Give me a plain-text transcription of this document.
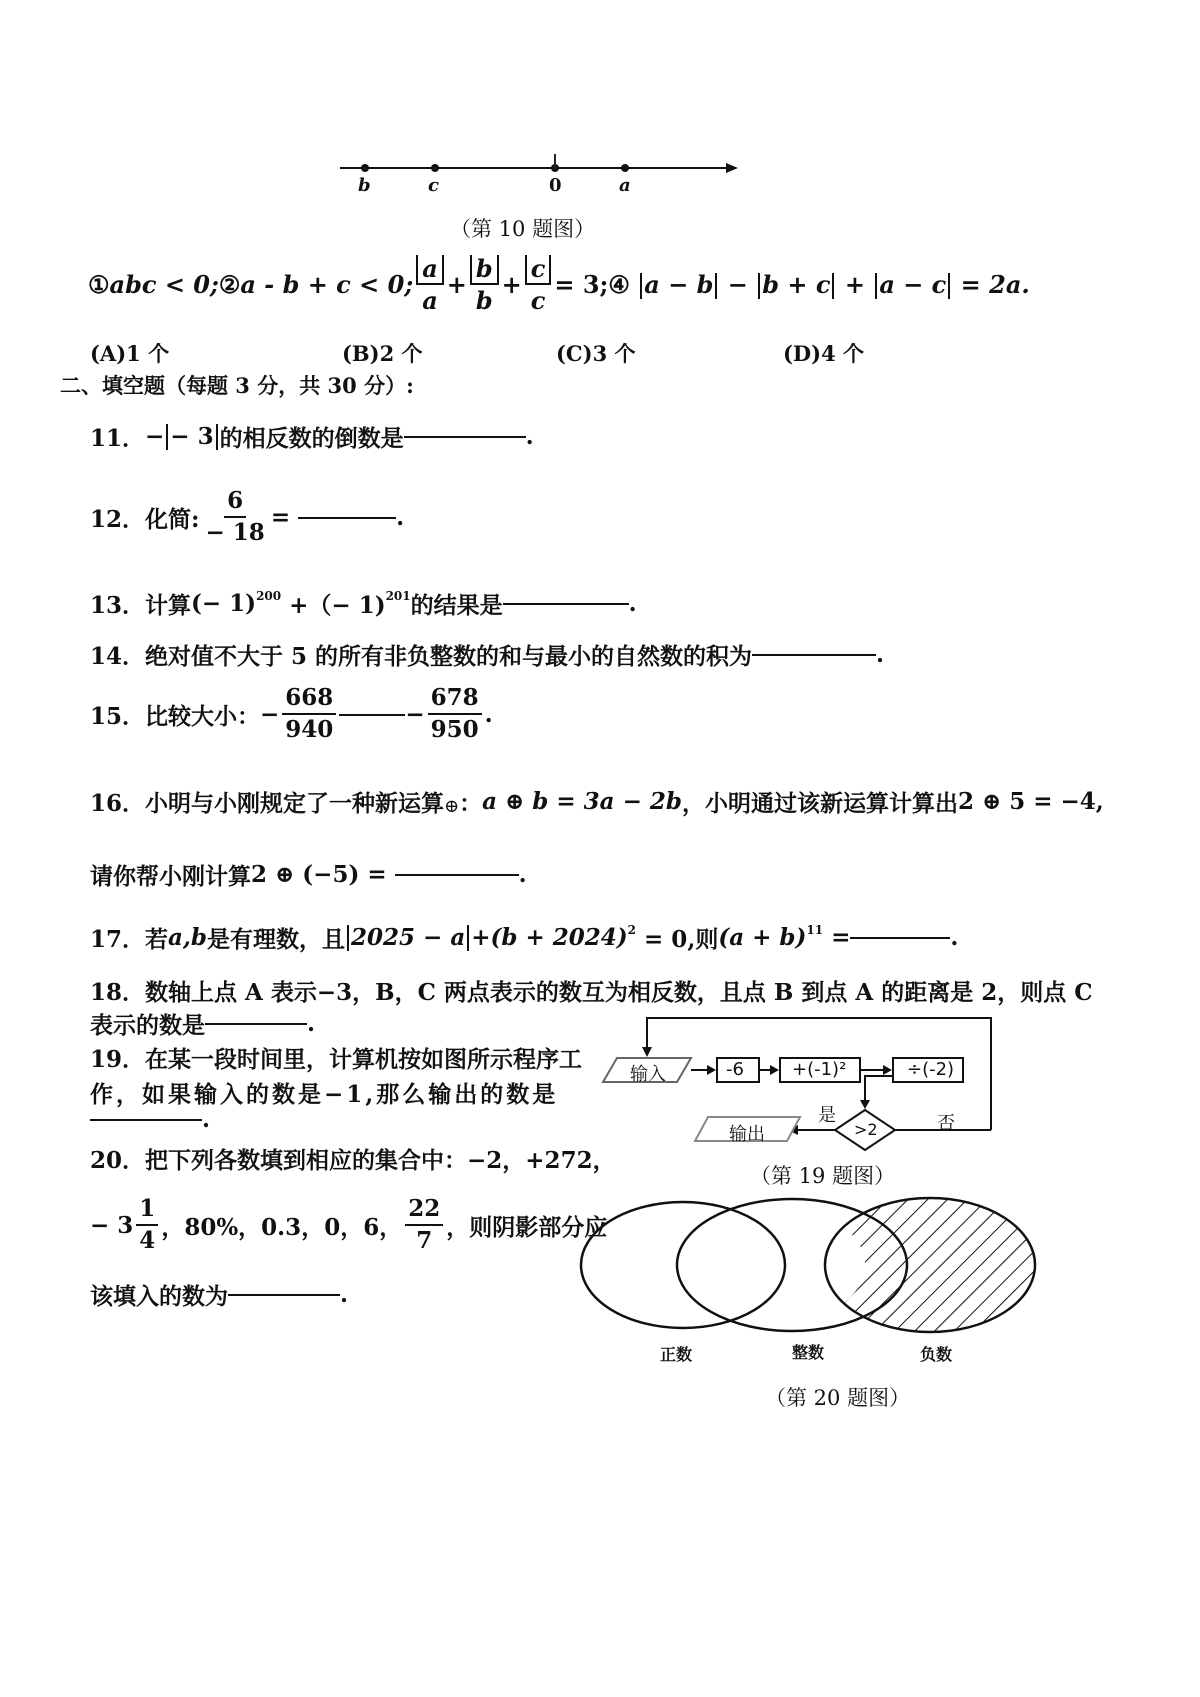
b	c	0	a
（第 10 题图）
① abc < 0; ② a - b + c < 0; $\frac{a}{a} + \frac{b}{b} + \frac{c}{c} = 3$; ④ a − b − b + c + a − c = 2a.
(A)1 个	(B)2 个	(C)3 个	(D)4 个
二、填空题（每题 3 分，共 30 分）:
11． − − 3 的相反数的倒数是	.
12． 化简: $\frac{6}{- 18}$ =
	.
13． 计算 (− 1)$^{200}$
+（− 1)$^{201}$ 的结果是	.
14． 绝对值不大于 5 的所有非负整数的和与最小的自然数的积为	.
15． 比较大小： − $\frac{668}{940}$	− $\frac{678}{950}$ .
16． 小明与小刚规定了一种新运算 ⊕ ： a ⊕ b = 3a − 2b ，小明通过该新运算计算出 2 ⊕ 5 = −4,
请你帮小刚计算 2 ⊕ (−5) =
	.
17． 若 a,b 是有理数，且 $2025 - a + (b + 2024)^2$
= 0,则 $(a + b)^{11}$
=	.
18．数轴上点 A 表示−3，B，C 两点表示的数互为相反数，且点 B 到点 A 的距离是 2，则点 C
表示的数是	.
19．在某一段时间里，计算机按如图所示程序工
作，如果输入的数是−1,那么输出的数是
.
输入	-6	+(-1)²	÷(-2)
>2
是	否
输出
（第 19 题图）
20．把下列各数填到相应的集合中：−2，+272，
− $3 \frac{1}{4}$ ，80%，0.3，0，6， $\frac{22}{7}$ ，则阴影部分应
该填入的数为	.
正数	整数	负数
（第 20 题图）
